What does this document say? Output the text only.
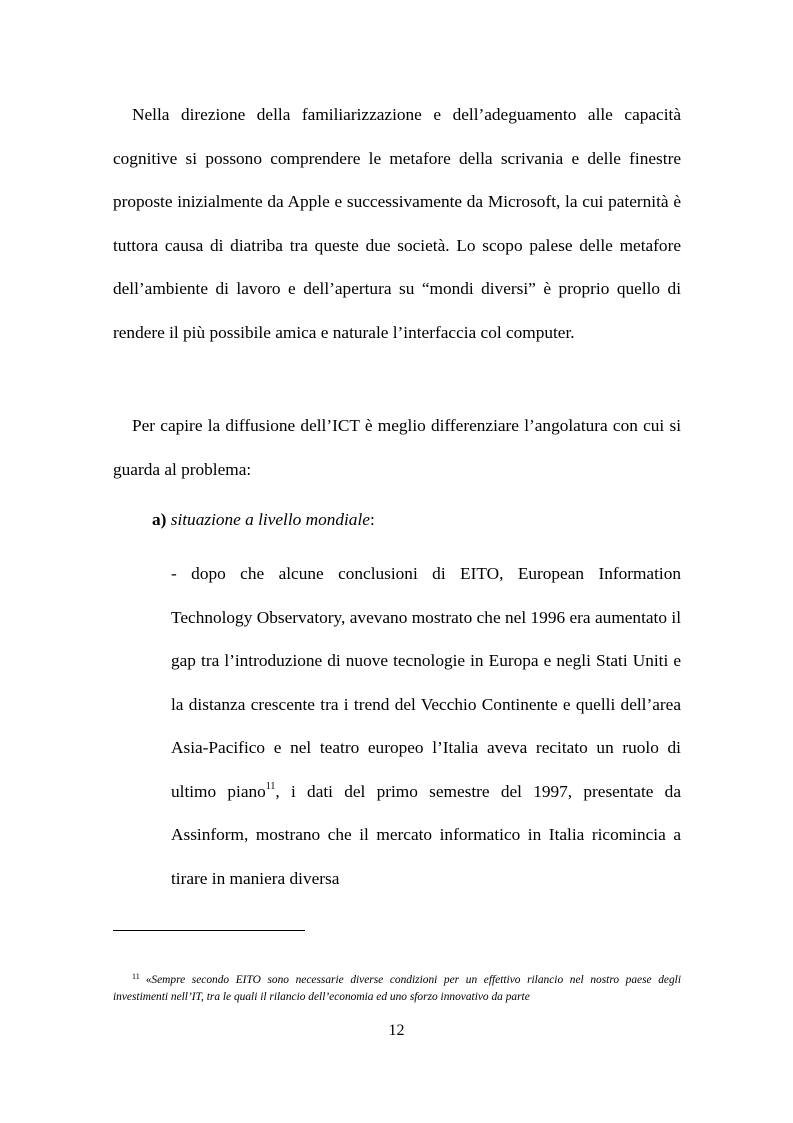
Nella direzione della familiarizzazione e dell’adeguamento alle capacità cognitive si possono comprendere le metafore della scrivania e delle finestre proposte inizialmente da Apple e successivamente da Microsoft, la cui paternità è tuttora causa di diatriba tra queste due società. Lo scopo palese delle metafore dell’ambiente di lavoro e dell’apertura su “mondi diversi” è proprio quello di rendere il più possibile amica e naturale l’interfaccia col computer.

Per capire la diffusione dell’ICT è meglio differenziare l’angolatura con cui si guarda al problema:

a) situazione a livello mondiale:

- dopo che alcune conclusioni di EITO, European Information Technology Observatory, avevano mostrato che nel 1996 era aumentato il gap tra l’introduzione di nuove tecnologie in Europa e negli Stati Uniti e la distanza crescente tra i trend del Vecchio Continente e quelli dell’area Asia-Pacifico e nel teatro europeo l’Italia aveva recitato un ruolo di ultimo piano$^{11}$, i dati del primo semestre del 1997, presentate da Assinform, mostrano che il mercato informatico in Italia ricomincia a tirare in maniera diversa

$^{11}$ «Sempre secondo EITO sono necessarie diverse condizioni per un effettivo rilancio nel nostro paese degli investimenti nell’IT, tra le quali il rilancio dell’economia ed uno sforzo innovativo da parte

12
